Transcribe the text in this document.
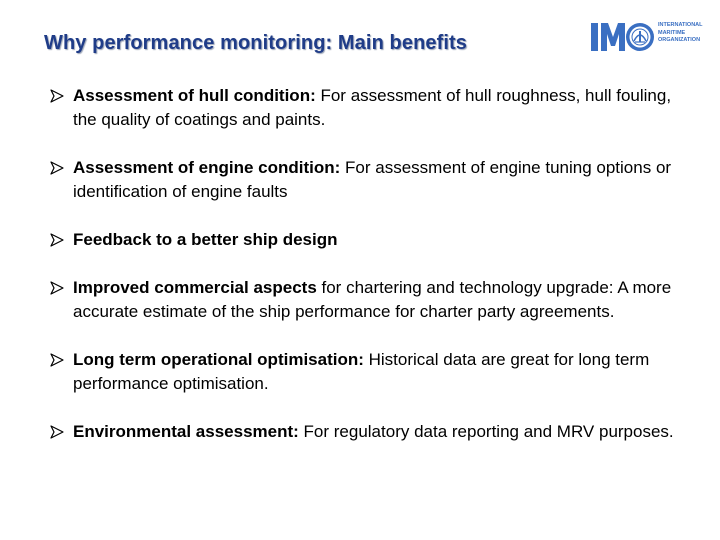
Why performance monitoring: Main benefits
INTERNATIONAL
MARITIME
ORGANIZATION
Assessment of hull condition: For assessment of hull roughness, hull fouling, the quality of coatings and paints.
Assessment of engine condition: For assessment of engine tuning options or identification of engine faults
Feedback to a better ship design
Improved commercial aspects for chartering and technology upgrade: A more accurate estimate of the ship performance for charter party agreements.
Long term operational optimisation: Historical data are great for long term performance optimisation.
Environmental assessment: For regulatory data reporting and MRV purposes.
